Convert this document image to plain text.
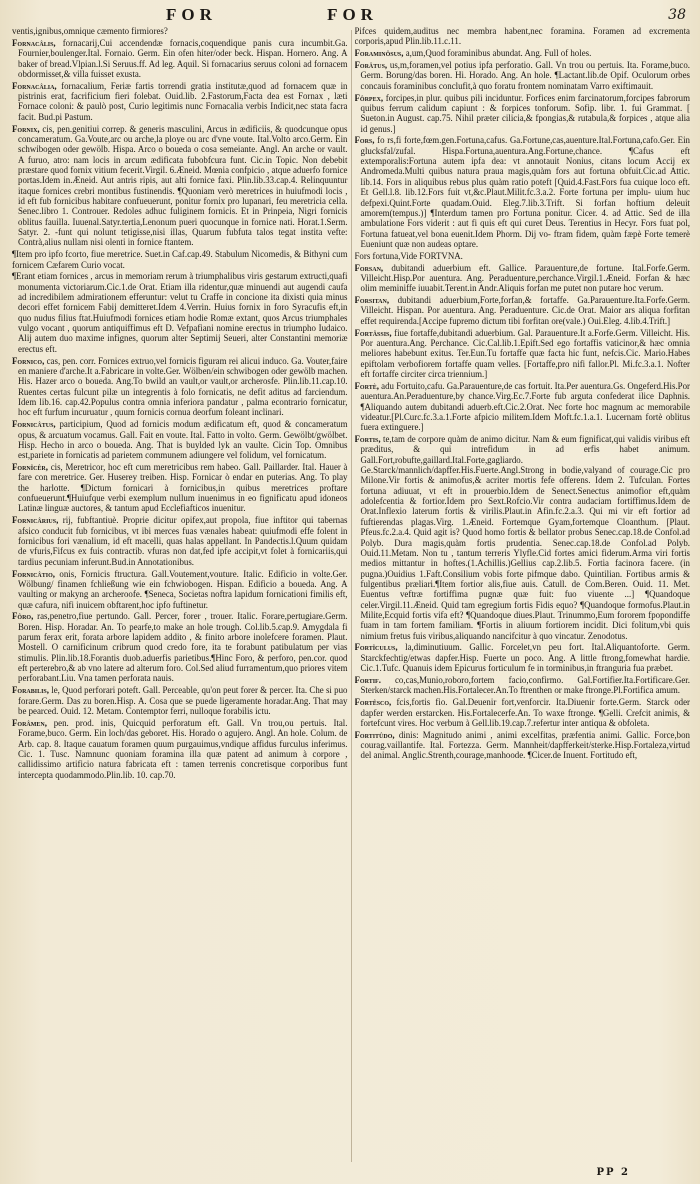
FOR	FOR	38

ventis,ignibus,omnique cæmento firmiores?

Fornacâlis, fornacarij,Cui accendendæ fornacis,coquendique panis cura incumbit.Ga. Fournier,boulenger.Ital. Fornaio. Germ. Ein ofen hiter/oder beck. Hispan. Hornero. Ang. A baker of bread.Vlpian.l.Si Seruus.ff. Ad leg. Aquil. Si fornacarius seruus coloni ad fornacem obdormisset,& villa fuisset exusta.

Fornacâlia, fornacalium, Feriæ fartis torrendi gratia institutæ,quod ad fornacem quæ in pistrinis erat, facrificium fieri folebat. Ouid.lib. 2.Fastorum,Facta dea est Fornax , læti Fornace coloni: & paulò post, Curio legitimis nunc Fornacalia verbis Indicit,nec stata facra facit. Bud.pi Pastum.

Fornix, cis, pen.genitiui correp. & generis masculini, Arcus in ædificiis, & quodcunque opus concameratum. Ga.Voute,arc ou arche,la ploye ou arc d'vne voute. Ital.Volto arco.Germ. Ein schwibogen oder gewölb. Hispa. Arco o boueda o cosa semeiante. Angl. An arche or vault. A furuo, atro: nam locis in arcum ædificata fubobfcura funt. Cic.in Topic. Non debebit præstare quod fornix vitium fecerit.Virgil. 6.Æneid. Mœnia confpicio , atque aduerfo fornice portas.Idem in.Æneid. Aut antris ripis, aut alti fornice faxi. Plin.lib.33.cap.4. Relinquuntur itaque fornices crebri montibus fustinendis. ¶Quoniam verò meretrices in huiufmodi locis , id eft fub fornicibus habitare confueuerunt, ponitur fornix pro lupanari, feu meretricia cella. Senec.libro 1. Controuer. Redoles adhuc fuliginem fornicis. Et in Prinpeia, Nigri fornicis oblitus fauilla. Iuuenal.Satyr.tertia,Lenonum pueri quocunque in fornice nati. Horat.1.Serm. Satyr. 2. -funt qui nolunt tetigisse,nisi illas, Quarum fubfuta talos tegat instita vefte: Contrà,alius nullam nisi olenti in fornice ftantem.

¶Item pro ipfo fcorto, fiue meretrice. Suet.in Caf.cap.49. Stabulum Nicomedis, & Bithyni cum fornicem Cæfarem Curio vocat.

¶Erant etiam fornices , arcus in memoriam rerum à triumphalibus viris gestarum extructi,quafi monumenta victoriarum.Cic.1.de Orat. Etiam illa ridentur,quæ minuendi aut augendi caufa ad incredibilem admirationem efferuntur: velut tu Craffe in concione ita dixisti quia minus decori effet fornicem Fabij demitteret.Idem 4.Verrin. Huius fornix in foro Syracufis eft,in quo nudus filius ftat.Huiufmodi fornices etiam hodie Romæ extant, quos Arcus triumphales vulgo vocant , quorum antiquiffimus eft D. Vefpafiani nomine erectus in triumpho Iudaico. Alij autem duo maxime infignes, quorum alter Septimij Seueri, alter Constantini memoriæ erectus eft.

Fornico, cas, pen. corr. Fornices extruo,vel fornicis figuram rei alicui induco. Ga. Vouter,faire en maniere d'arche.It a.Fabricare in volte.Ger. Wölben/ein schwibogen oder gewölb machen. His. Hazer arco o boueda. Ang.To bwild an vault,or vault,or archerosfe. Plin.lib.11.cap.10. Ruentes certas fulcunt pilæ un integrentis à folo fornicatis, ne defit aditus ad farciendum. Idem lib.16. cap.42.Populus contra omnia inferiora pandatur , palma econtrario fornicatur, hoc eft furfum incuruatur , quum fornicis cornua deorfum foleant inclinari.

Fornicâtus, participium, Quod ad fornicis modum ædificatum eft, quod & concameratum opus, & arcuatum vocamus. Gall. Fait en voute. Ital. Fatto in volto. Germ. Gewölbt/gwölbet. Hisp. Hecho in arco o boueda. Ang. That is buylded lyk an vaulte. Cicin Top. Omnibus est,pariete in fornicatis ad parietem communem adiungere vel folidum, vel fornicatum.

Fornîcêr, cis, Meretricor, hoc eft cum meretricibus rem habeo. Gall. Paillarder. Ital. Hauer à fare con meretrice. Ger. Huserey treiben. Hisp. Fornicar ò endar en puterias. Ang. To play the harlotte. ¶Dictum fornicari à fornicibus,in quibus meretrices proftare confueuerunt.¶Huiufque verbi exemplum nullum inuenimus in eo fignificatu apud idoneos Latinæ linguæ auctores, & tantum apud Ecclefiafticos inuenitur.

Fornicârius, rij, fubftantiuè. Proprie dicitur opifex,aut propola, fiue inftitor qui tabernas afsico conducit fub fornicibus, vt ibi merces fuas vænales habeat: quiufmodi effe folent in fornicibus fori vænalium, id eft macelli, quas halas appellant. In Pandectis.l.Quum quidam de vfuris,Fifcus ex fuis contractib. vfuras non dat,fed ipfe accipit,vt folet à fornicariis,qui tardius pecuniam inferunt.Bud.in Annotationibus.

Fornicâtio, onis, Fornicis ftructura. Gall.Voutement,vouture. Italic. Edificio in volte.Ger. Wölbung/ finamen fchließung wie ein fchwiobogen. Hispan. Edificio a boueda. Ang. A vaulting or makyng an archeroofe. ¶Seneca, Societas noftra lapidum fornicationi fimilis eft, quæ cafura, nifi inuicem obftarent,hoc ipfo fuftinetur.

Fôro, ras,penetro,fiue pertundo. Gall. Percer, forer , trouer. Italic. Forare,pertugiare.Germ. Boren. Hisp. Horadar. An. To pearfe,to make an hole trough. Col.lib.5.cap.9. Amygdala fi parum ferax erit, forata arbore lapidem addito , & finito arbore inolefcere foramen. Plaut. Mostell. O carnificinum cribrum quod credo fore, ita te forabunt patibulatum per vias stimulis. Plin.lib.18.Forantis duob.aduerfis parietibus.¶Hinc Foro, & perforo, pen.cor. quod eft perterebro,& ab vno latere ad alterum foro. Col.Sed aliud furramentum,quo priores vitem perforabant.Liu. Vna tamen perforata nauis.

Forabilis, le, Quod perforari poteft. Gall. Perceable, qu'on peut forer & percer. Ita. Che si puo forare.Germ. Das zu boren.Hisp. A. Cosa que se puede ligeramente horadar.Ang. That may be pearced. Ouid. 12. Metam. Contemptor ferri, nulloque forabilis ictu.

Forâmen, pen. prod. inis, Quicquid perforatum eft. Gall. Vn trou,ou pertuis. Ital. Forame,buco. Germ. Ein loch/das geboret. His. Horado o agujero. Angl. An hole. Colum. de Arb. cap. 8. Itaque cauatum foramen quum purgauimus,vndique affidus furculus inferimus. Cic. 1. Tusc. Namnunc quoniam foramina illa quæ patent ad animum à corpore , callidissimo artificio natura fabricata eft : tamen terrenis concretisque corporibus funt intercepta quodammodo.Plin.lib. 10. cap.70.

Pifces quidem,auditus nec membra habent,nec foramina. Foramen ad excrementa corporis,apud Plin.lib.11.c.11.

Foraminôsus, a,um,Quod foraminibus abundat. Ang. Full of holes.

Forâtus, us,m,foramen,vel potius ipfa perforatio. Gall. Vn trou ou pertuis. Ita. Forame,buco. Germ. Borung/das boren. Hi. Horado. Ang. An hole. ¶Lactant.lib.de Opif. Oculorum orbes concauis foraminibus conclufit,à quo foratu frontem nominatam Varro exiftimauit.

Fôrpex, forcipes,in plur. quibus pili inciduntur. Forfices enim farcinatorum,forcipes fabrorum quibus ferrum calidum capiunt : & forpices tonforum. Sofip. libr. 1. fui Grammat. [ Sueton.in August. cap.75. Nihil præter cilicia,& fpongias,& rutabula,& forpices , atque alia id genus.]

Fors, fo rs,fi forte,fœm.gen.Fortuna,cafus. Ga.Fortune,cas,auenture.Ital.Fortuna,cafo.Ger. Ein glucksfal/zufal. Hispa.Fortuna,auentura.Ang.Fortune,chance. ¶Cafus eft extemporalis:Fortuna autem ipfa dea: vt annotauit Nonius, citans locum Accij ex Andromeda.Multi quibus natura praua magis,quàm fors aut fortuna obfuit.Cic.ad Attic. lib.14. Fors in aliquibus rebus plus quàm ratio poteft [Quid.4.Fast.Fors fua cuique loco eft. Et Gell.l.8. lib.12.Fors fuit vt,&c.Plaut.Milit.fc.3.a.2. Forte fortuna per implu- uium huc defpexi.Quint.Forte quadam.Ouid. Eleg.7.lib.3.Trift. Si forfan hoftium deleuit amorem(tempus.)] ¶Interdum tamen pro Fortuna ponitur. Cicer. 4. ad Attic. Sed de illa ambulatione Fors viderit : aut fi quis eft qui curet Deus. Terentius in Hecyr. Fors fuat pol, Fortuna fatueat,vel bona euenit.Idem Phorm. Dij vo- ftram fidem, quàm fæpè Forte temerè Eueniunt quæ non audeas optare.

Fors fortuna,Vide FORTVNA.

Forsan, dubitandi aduerbium eft. Gallice. Parauenture,de fortune. Ital.Forfe.Germ. Villeicht.Hisp.Por auentura. Ang. Peraduenture,perchance.Virgil.1.Æneid. Forfan & hæc olim meminiffe iuuabit.Terent.in Andr.Aliquis forfan me putet non putare hoc verum.

Forsitan, dubitandi aduerbium,Forte,forfan,& fortaffe. Ga.Parauenture.Ita.Forfe.Germ. Villeicht. Hispan. Por auentura. Ang. Peraduenture. Cic.de Orat. Maior ars aliqua forfitan effet requirenda.[Accipe fupremo dictum tibi forfitan ore(vale.) Oui.Eleg. 4.lib.4.Trift.]

Fortâssis, fiue fortaffe,dubitandi aduerbium. Gal. Parauenture.It a.Forfe.Germ. Villeicht. His. Por auentura.Ang. Perchance. Cic.Cal.lib.1.Epift.Sed ego fortaffis vaticinor,& hæc omnia meliores habebunt exitus. Ter.Eun.Tu fortaffe quæ facta hic funt, nefcis.Cic. Mario.Habes epiftolam verbofiorem fortaffe quam velles. [Fortaffe,pro nifi fallor.Pl. Mi.fc.3.a.1. Nofter eft fortaffe circiter circa triennium.]

Fortè, adu Fortuito,cafu. Ga.Parauenture,de cas fortuit. Ita.Per auentura.Gs. Ongeferd.His.Por auentura.An.Peraduenture,by chance.Virg.Ec.7.Forte fub arguta confederat ilice Daphnis. ¶Aliquando autem dubitandi aduerb.eft.Cic.2.Orat. Nec forte hoc magnum ac memorabile videatur.[Pl.Curc.fc.3.a.1.Forte afpicio militem.Idem Moft.fc.1.a.1. Lucernam fortè oblitus fuera extinguere.]

Fortis, te,tam de corpore quàm de animo dicitur. Nam & eum fignificat,qui validis viribus eft præditus, & qui intrefidum in ad erfis habet animum. Gall.Fort,robufte,gaillard.Ital.Forte,gagliardo. Ge.Starck/mannlich/dapffer.His.Fuerte.Angl.Strong in bodie,valyand of courage.Cic pro Milone.Vir fortis & animofus,& acriter mortis fefe offerens. Idem 2. Tufculan. Fortes fortuna adiuuat, vt eft in prouerbio.Idem de Senect.Senectus animofior eft,quàm adolefcentia & fortior.Idem pro Sext.Rofcio.Vir contra audaciam fortiffimus.Idem de Orat.Inflexio laterum fortis & virilis.Plaut.in Afin.fc.2.a.3. Qui mi vir eft fortior ad fuftierendas plagas.Virg. 1.Æneid. Fortemque Gyam,fortemque Cloanthum. [Plaut. Pfeus.fc.2.a.4. Quid agit is? Quod homo fortis & bellator probus Senec.cap.18.de Confol.ad Polyb. Dura magis,quàm fortis prudentia. Senec.cap.18.de Confol.ad Polyb. Ouid.11.Metam. Non tu , tantum terreris Ylyfle.Cid fortes amici fiderum.Arma viri fortis medios mittantur in hoftes.(1.Achillis.)Gellius cap.2.lib.5. Fortia facinora facere. (in pugna.)Ouidius 1.Faft.Consilium vobis forte pifmque dabo. Quintilian. Fortibus armis & fulgentibus præliari.¶Item fortior alis,fiue auis. Catull. de Com.Beren. Ouid. 11. Met. Euentus veftræ fortiffima pugnæ quæ fuit: fuo viuente ...] ¶Quandoque celer.Virgil.11.Æneid. Quid tam egregium fortis Fidis equo? ¶Quandoque formofus.Plaut.in Milite,Ecquid fortis vifa eft? ¶Quandoque diues.Plaut. Trinummo,Eum fororem fpopondiffe fuam in tam fortem familiam. ¶Fortis in aliuum fortiorem incidit. Dici folitum,vbi quis nimium fretus fuis viribus,aliquando nancifcitur à quo vincatur. Zenodotus.

Fortîculus, la,diminutiuum. Gallic. Forcelet,vn peu fort. Ital.Aliquantoforte. Germ. Starckfechtig/etwas dapfer.Hisp. Fuerte un poco. Ang. A little ftrong,fomewhat hardie. Cic.1.Tufc. Quanuis idem Epicurus forticulum fe in torminibus,in ftranguria fua præbet.

Fortif. co,cas,Munio,roboro,fortem facio,confirmo. Gal.Fortifier.Ita.Fortificare.Ger. Sterken/starck machen.His.Fortalecer.An.To ftrenthen or make ftronge.Pl.Fortifica amum.

Fortêsco, fcis,fortis fio. Gal.Deuenir fort,venforcir. Ita.Diuenir forte.Germ. Starck oder dapfer werden erstarcken. His.Fortalecerfe.An. To waxe ftronge. ¶Gelli. Crefcit animis, & fortefcunt vires. Hoc verbum à Gell.lib.19.cap.7.refertur inter antiqua & obfoleta.

Fortitûdo, dinis: Magnitudo animi , animi excelfitas, præfentia animi. Gallic. Force,bon courag.vaillantife. Ital. Fortezza. Germ. Mannheit/dapfferkeit/sterke.Hisp.Fortaleza,virtud del animal. Anglic.Strenth,courage,manhoode. ¶Cicer.de Inuent. Fortitudo eft,

PP 2
